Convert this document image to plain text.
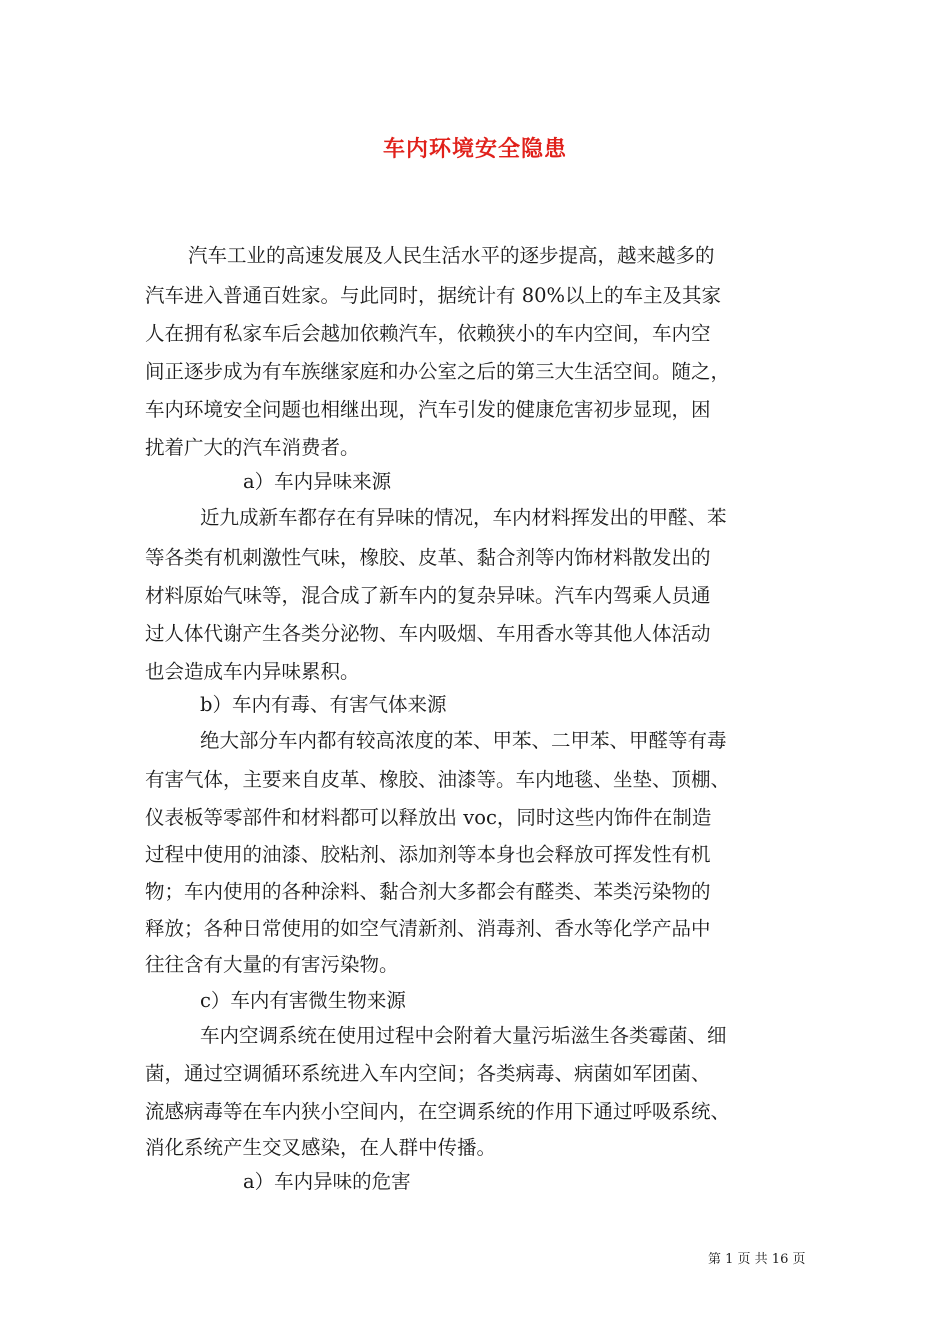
车内环境安全隐患
汽车工业的高速发展及人民生活水平的逐步提高，越来越多的
汽车进入普通百姓家。与此同时，据统计有 80%以上的车主及其家
人在拥有私家车后会越加依赖汽车，依赖狭小的车内空间，车内空
间正逐步成为有车族继家庭和办公室之后的第三大生活空间。随之，
车内环境安全问题也相继出现，汽车引发的健康危害初步显现，困
扰着广大的汽车消费者。
a）车内异味来源
近九成新车都存在有异味的情况，车内材料挥发出的甲醛、苯
等各类有机刺激性气味，橡胶、皮革、黏合剂等内饰材料散发出的
材料原始气味等，混合成了新车内的复杂异味。汽车内驾乘人员通
过人体代谢产生各类分泌物、车内吸烟、车用香水等其他人体活动
也会造成车内异味累积。
b）车内有毒、有害气体来源
绝大部分车内都有较高浓度的苯、甲苯、二甲苯、甲醛等有毒
有害气体，主要来自皮革、橡胶、油漆等。车内地毯、坐垫、顶棚、
仪表板等零部件和材料都可以释放出 voc，同时这些内饰件在制造
过程中使用的油漆、胶粘剂、添加剂等本身也会释放可挥发性有机
物；车内使用的各种涂料、黏合剂大多都会有醛类、苯类污染物的
释放；各种日常使用的如空气清新剂、消毒剂、香水等化学产品中
往往含有大量的有害污染物。
c）车内有害微生物来源
车内空调系统在使用过程中会附着大量污垢滋生各类霉菌、细
菌，通过空调循环系统进入车内空间；各类病毒、病菌如军团菌、
流感病毒等在车内狭小空间内，在空调系统的作用下通过呼吸系统、
消化系统产生交叉感染，在人群中传播。
a）车内异味的危害
第 1 页 共 16 页
